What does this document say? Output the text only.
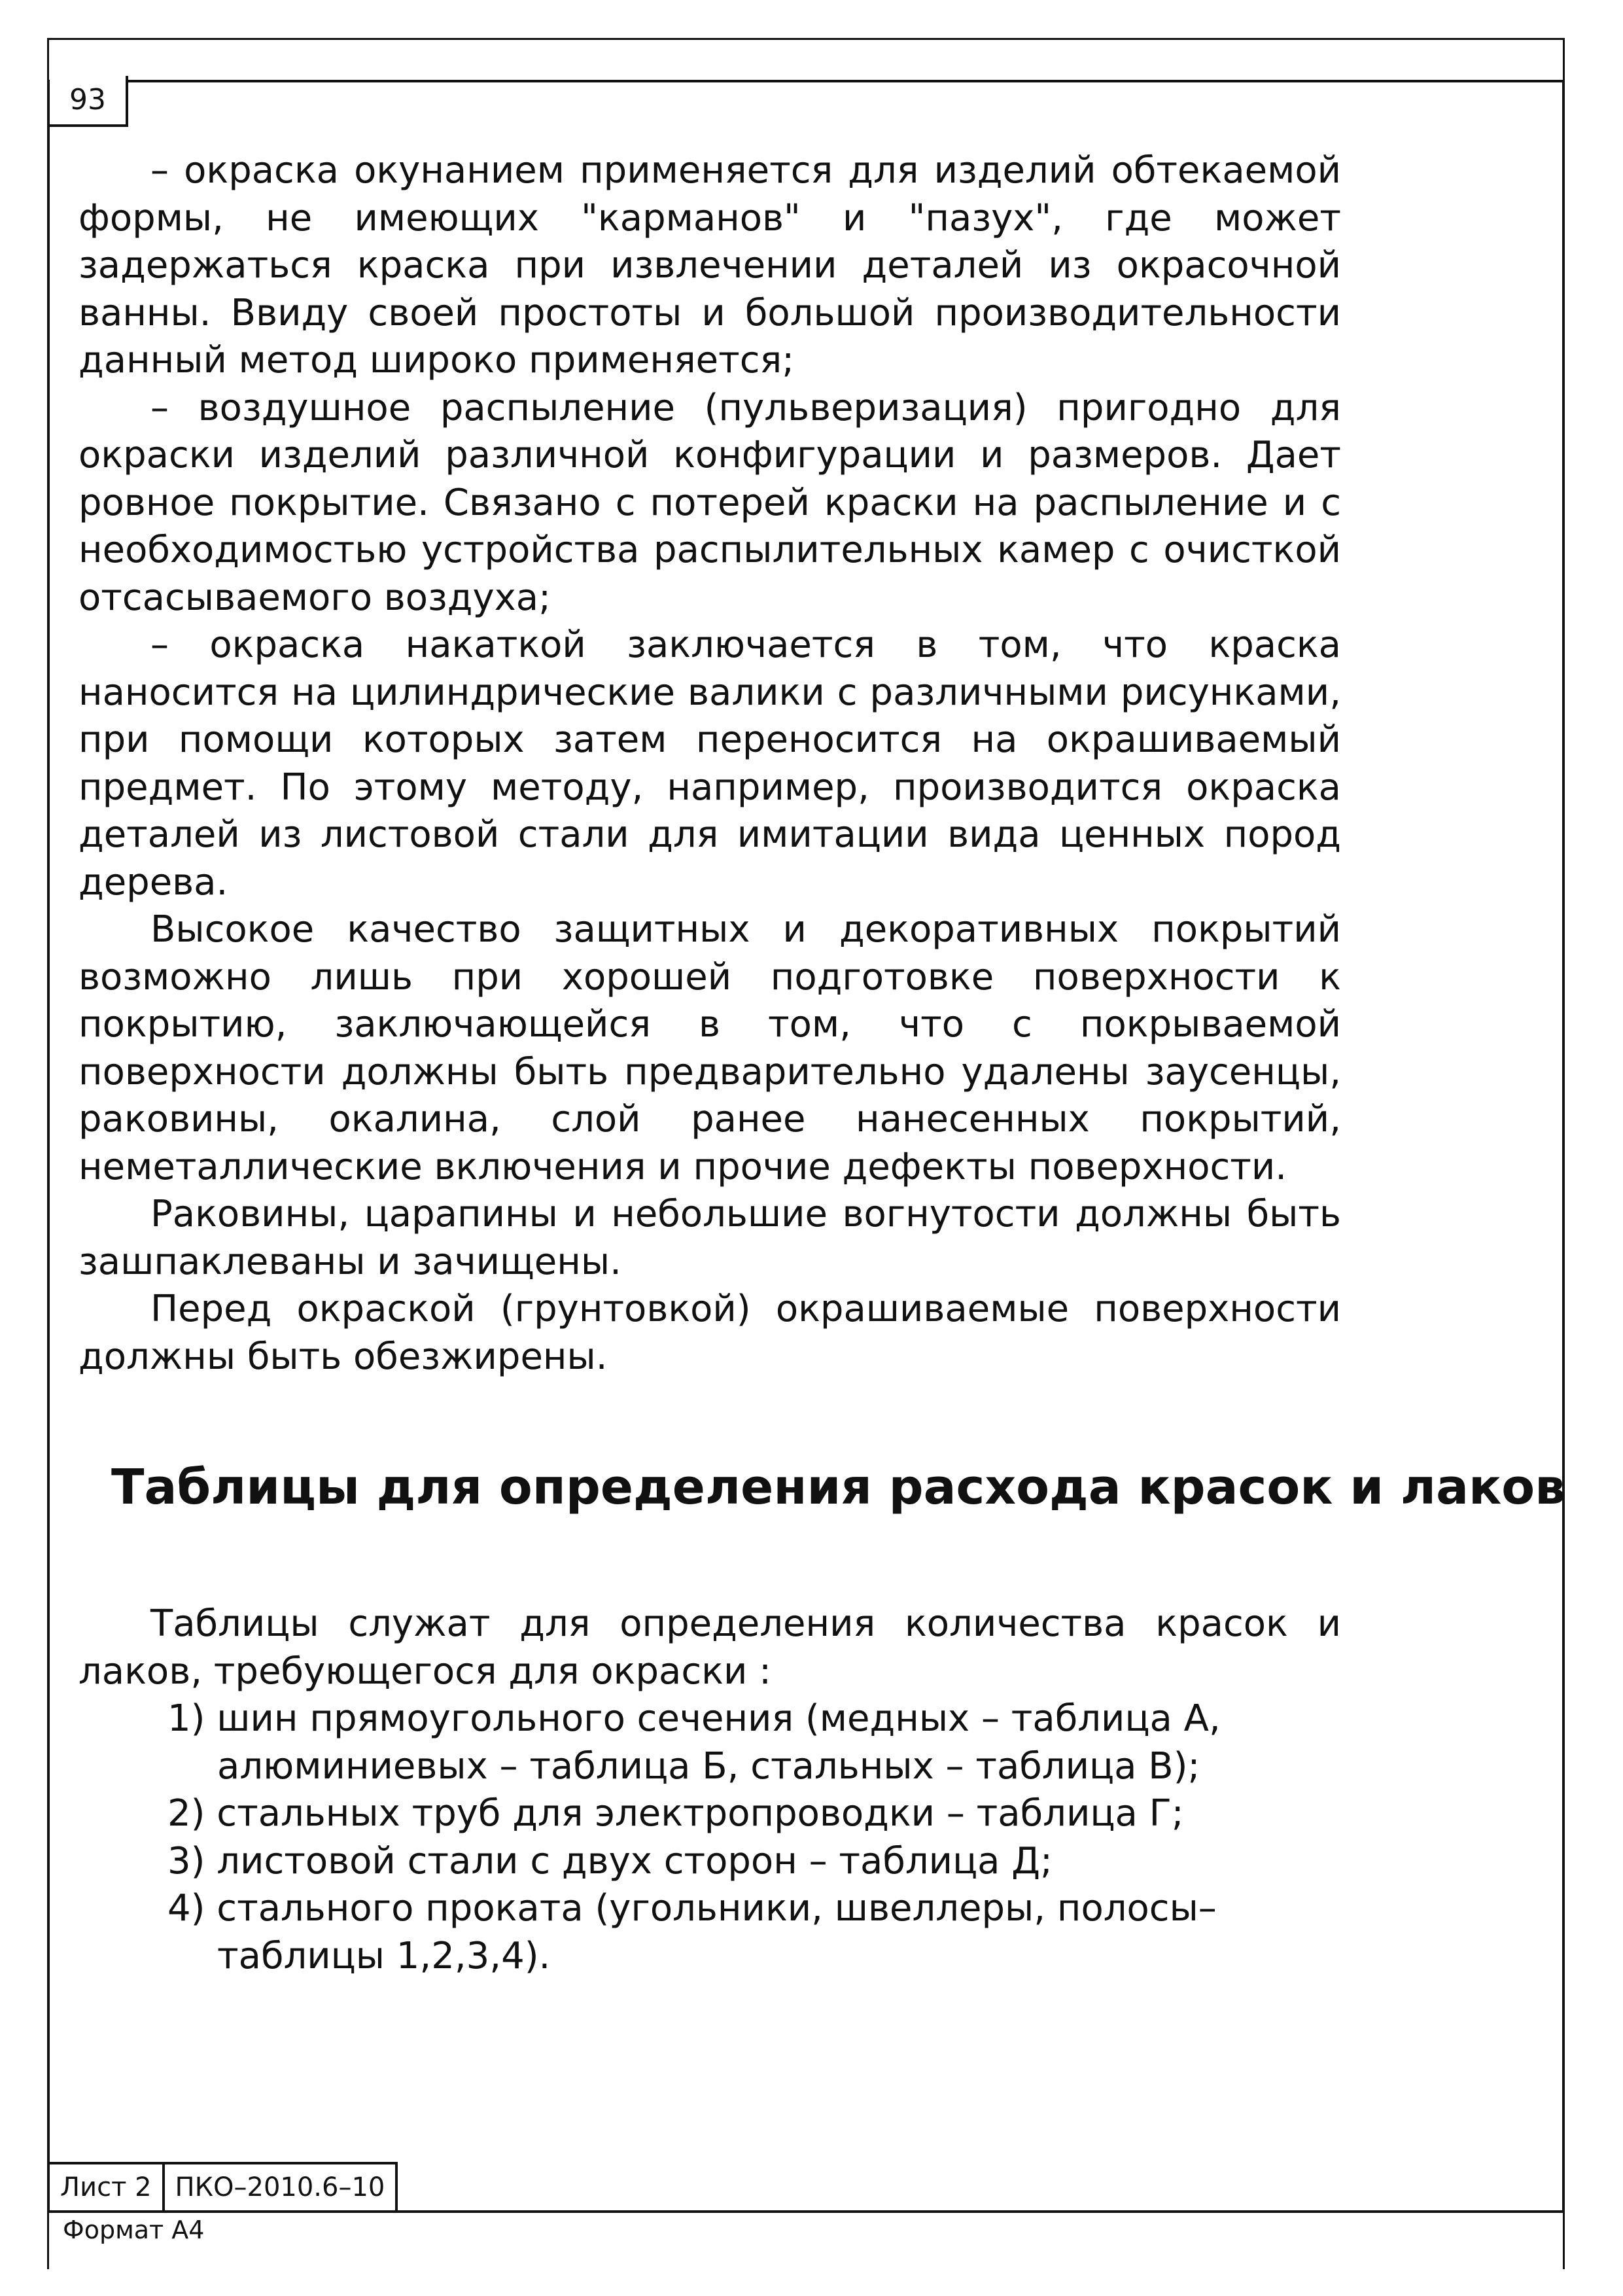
93

– окраска окунанием применяется для изделий обтекаемой формы, не имеющих "карманов" и "пазух", где может задержаться краска при извлечении деталей из окрасочной ванны. Ввиду своей простоты и большой производительности данный метод широко применяется;

– воздушное распыление (пульверизация) пригодно для окраски изделий различной конфигурации и размеров. Дает ровное покрытие. Связано с потерей краски на распыление и с необходимостью устройства распылительных камер с очисткой отсасываемого воздуха;

– окраска накаткой заключается в том, что краска наносится на цилиндрические валики с различными рисунками, при помощи которых затем переносится на окрашиваемый предмет. По этому методу, например, производится окраска деталей из листовой стали для имитации вида ценных пород дерева.

Высокое качество защитных и декоративных покрытий возможно лишь при хорошей подготовке поверхности к покрытию, заключающейся в том, что с покрываемой поверхности должны быть предварительно удалены заусенцы, раковины, окалина, слой ранее нанесенных покрытий, неметаллические включения и прочие дефекты поверхности.

Раковины, царапины и небольшие вогнутости должны быть зашпаклеваны и зачищены.

Перед окраской (грунтовкой) окрашиваемые поверхности должны быть обезжирены.

Таблицы для определения расхода красок и лаков

Таблицы служат для определения количества красок и лаков, требующегося для окраски :

1) шин прямоугольного сечения (медных – таблица А, алюминиевых – таблица Б, стальных – таблица В);
2) стальных труб для электропроводки – таблица Г;
3) листовой стали с двух сторон – таблица Д;
4) стального проката (угольники, швеллеры, полосы– таблицы 1,2,3,4).
Лист 2 ПКО–2010.6–10
Формат А4
